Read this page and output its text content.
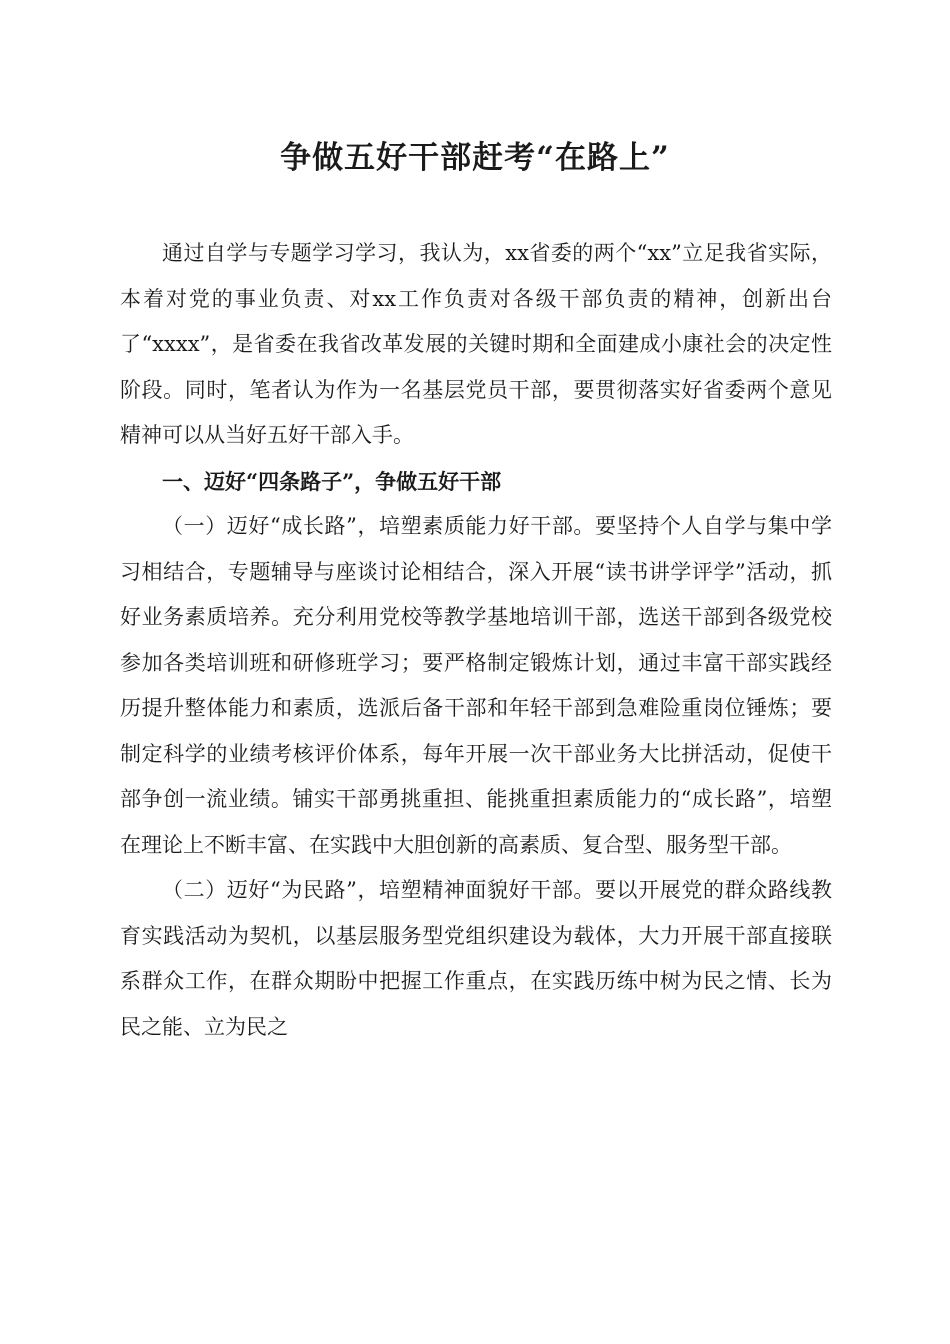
争做五好干部赶考“在路上”

通过自学与专题学习学习，我认为，xx省委的两个“xx”立足我省实际，本着对党的事业负责、对xx工作负责对各级干部负责的精神，创新出台了“xxxx”，是省委在我省改革发展的关键时期和全面建成小康社会的决定性阶段。同时，笔者认为作为一名基层党员干部，要贯彻落实好省委两个意见精神可以从当好五好干部入手。

一、迈好“四条路子”，争做五好干部

（一）迈好“成长路”，培塑素质能力好干部。要坚持个人自学与集中学习相结合，专题辅导与座谈讨论相结合，深入开展“读书讲学评学”活动，抓好业务素质培养。充分利用党校等教学基地培训干部，选送干部到各级党校参加各类培训班和研修班学习；要严格制定锻炼计划，通过丰富干部实践经历提升整体能力和素质，选派后备干部和年轻干部到急难险重岗位锤炼；要制定科学的业绩考核评价体系，每年开展一次干部业务大比拼活动，促使干部争创一流业绩。铺实干部勇挑重担、能挑重担素质能力的“成长路”，培塑在理论上不断丰富、在实践中大胆创新的高素质、复合型、服务型干部。

（二）迈好“为民路”，培塑精神面貌好干部。要以开展党的群众路线教育实践活动为契机，以基层服务型党组织建设为载体，大力开展干部直接联系群众工作，在群众期盼中把握工作重点，在实践历练中树为民之情、长为民之能、立为民之
